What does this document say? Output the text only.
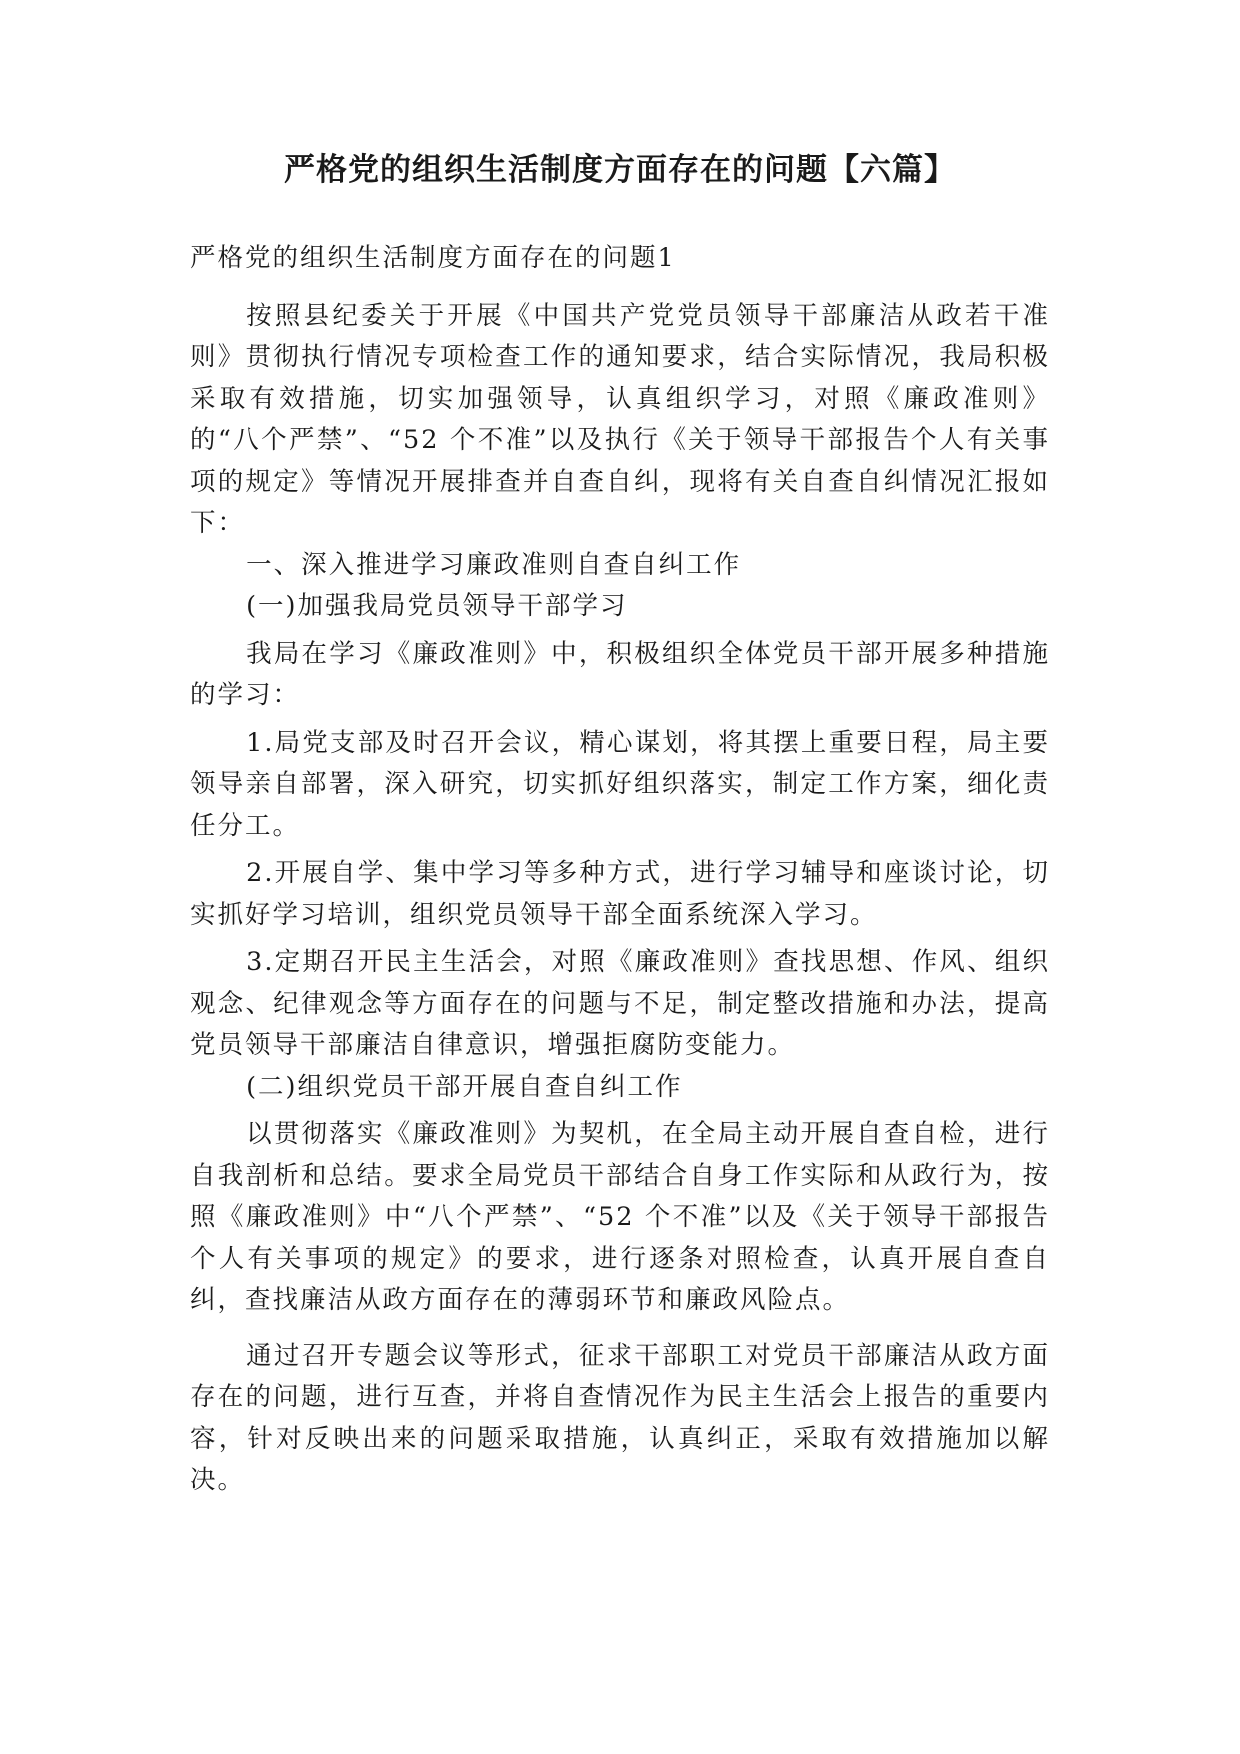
严格党的组织生活制度方面存在的问题【六篇】

严格党的组织生活制度方面存在的问题1

按照县纪委关于开展《中国共产党党员领导干部廉洁从政若干准则》贯彻执行情况专项检查工作的通知要求，结合实际情况，我局积极采取有效措施，切实加强领导，认真组织学习，对照《廉政准则》的“八个严禁”、“52 个不准”以及执行《关于领导干部报告个人有关事项的规定》等情况开展排查并自查自纠，现将有关自查自纠情况汇报如下：

一、深入推进学习廉政准则自查自纠工作

(一)加强我局党员领导干部学习

我局在学习《廉政准则》中，积极组织全体党员干部开展多种措施的学习：

1.局党支部及时召开会议，精心谋划，将其摆上重要日程，局主要领导亲自部署，深入研究，切实抓好组织落实，制定工作方案，细化责任分工。

2.开展自学、集中学习等多种方式，进行学习辅导和座谈讨论，切实抓好学习培训，组织党员领导干部全面系统深入学习。

3.定期召开民主生活会，对照《廉政准则》查找思想、作风、组织观念、纪律观念等方面存在的问题与不足，制定整改措施和办法，提高党员领导干部廉洁自律意识，增强拒腐防变能力。

(二)组织党员干部开展自查自纠工作

以贯彻落实《廉政准则》为契机，在全局主动开展自查自检，进行自我剖析和总结。要求全局党员干部结合自身工作实际和从政行为，按照《廉政准则》中“八个严禁”、“52 个不准”以及《关于领导干部报告个人有关事项的规定》的要求，进行逐条对照检查，认真开展自查自纠，查找廉洁从政方面存在的薄弱环节和廉政风险点。

通过召开专题会议等形式，征求干部职工对党员干部廉洁从政方面存在的问题，进行互查，并将自查情况作为民主生活会上报告的重要内容，针对反映出来的问题采取措施，认真纠正，采取有效措施加以解决。
